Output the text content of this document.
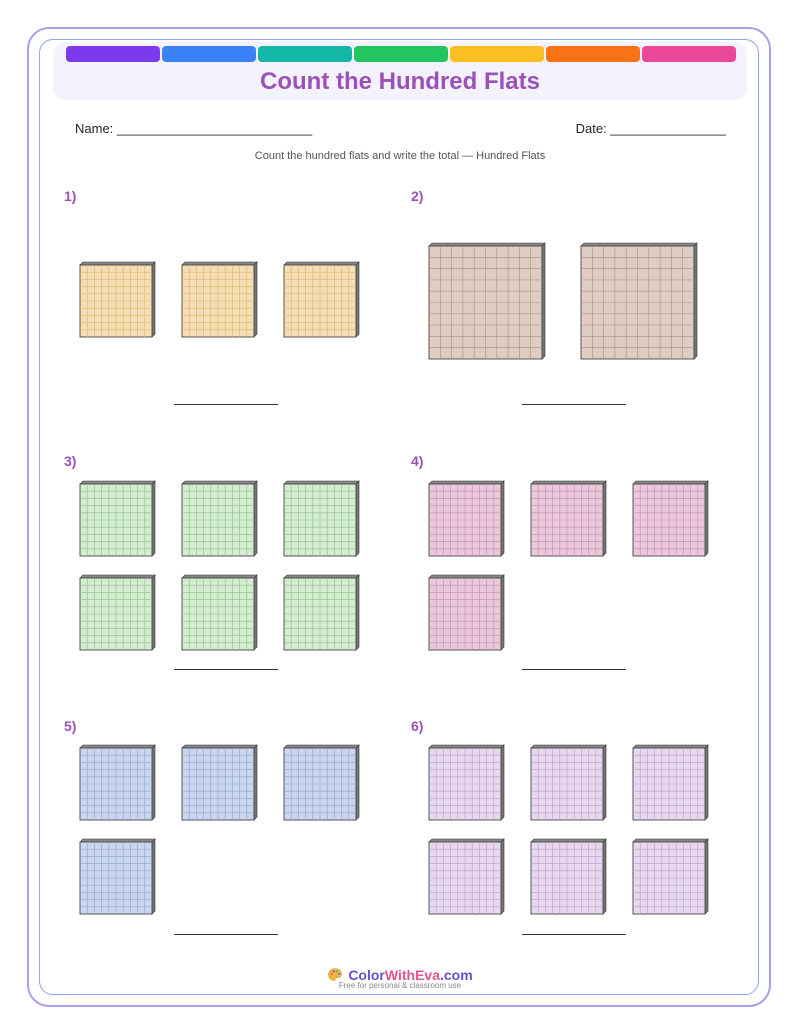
Count the Hundred Flats
Name: ___________________________	Date: ________________
Count the hundred flats and write the total — Hundred Flats
1)	2)
3)	4)
5)	6)
ColorWithEva.com
Free for personal & classroom use
